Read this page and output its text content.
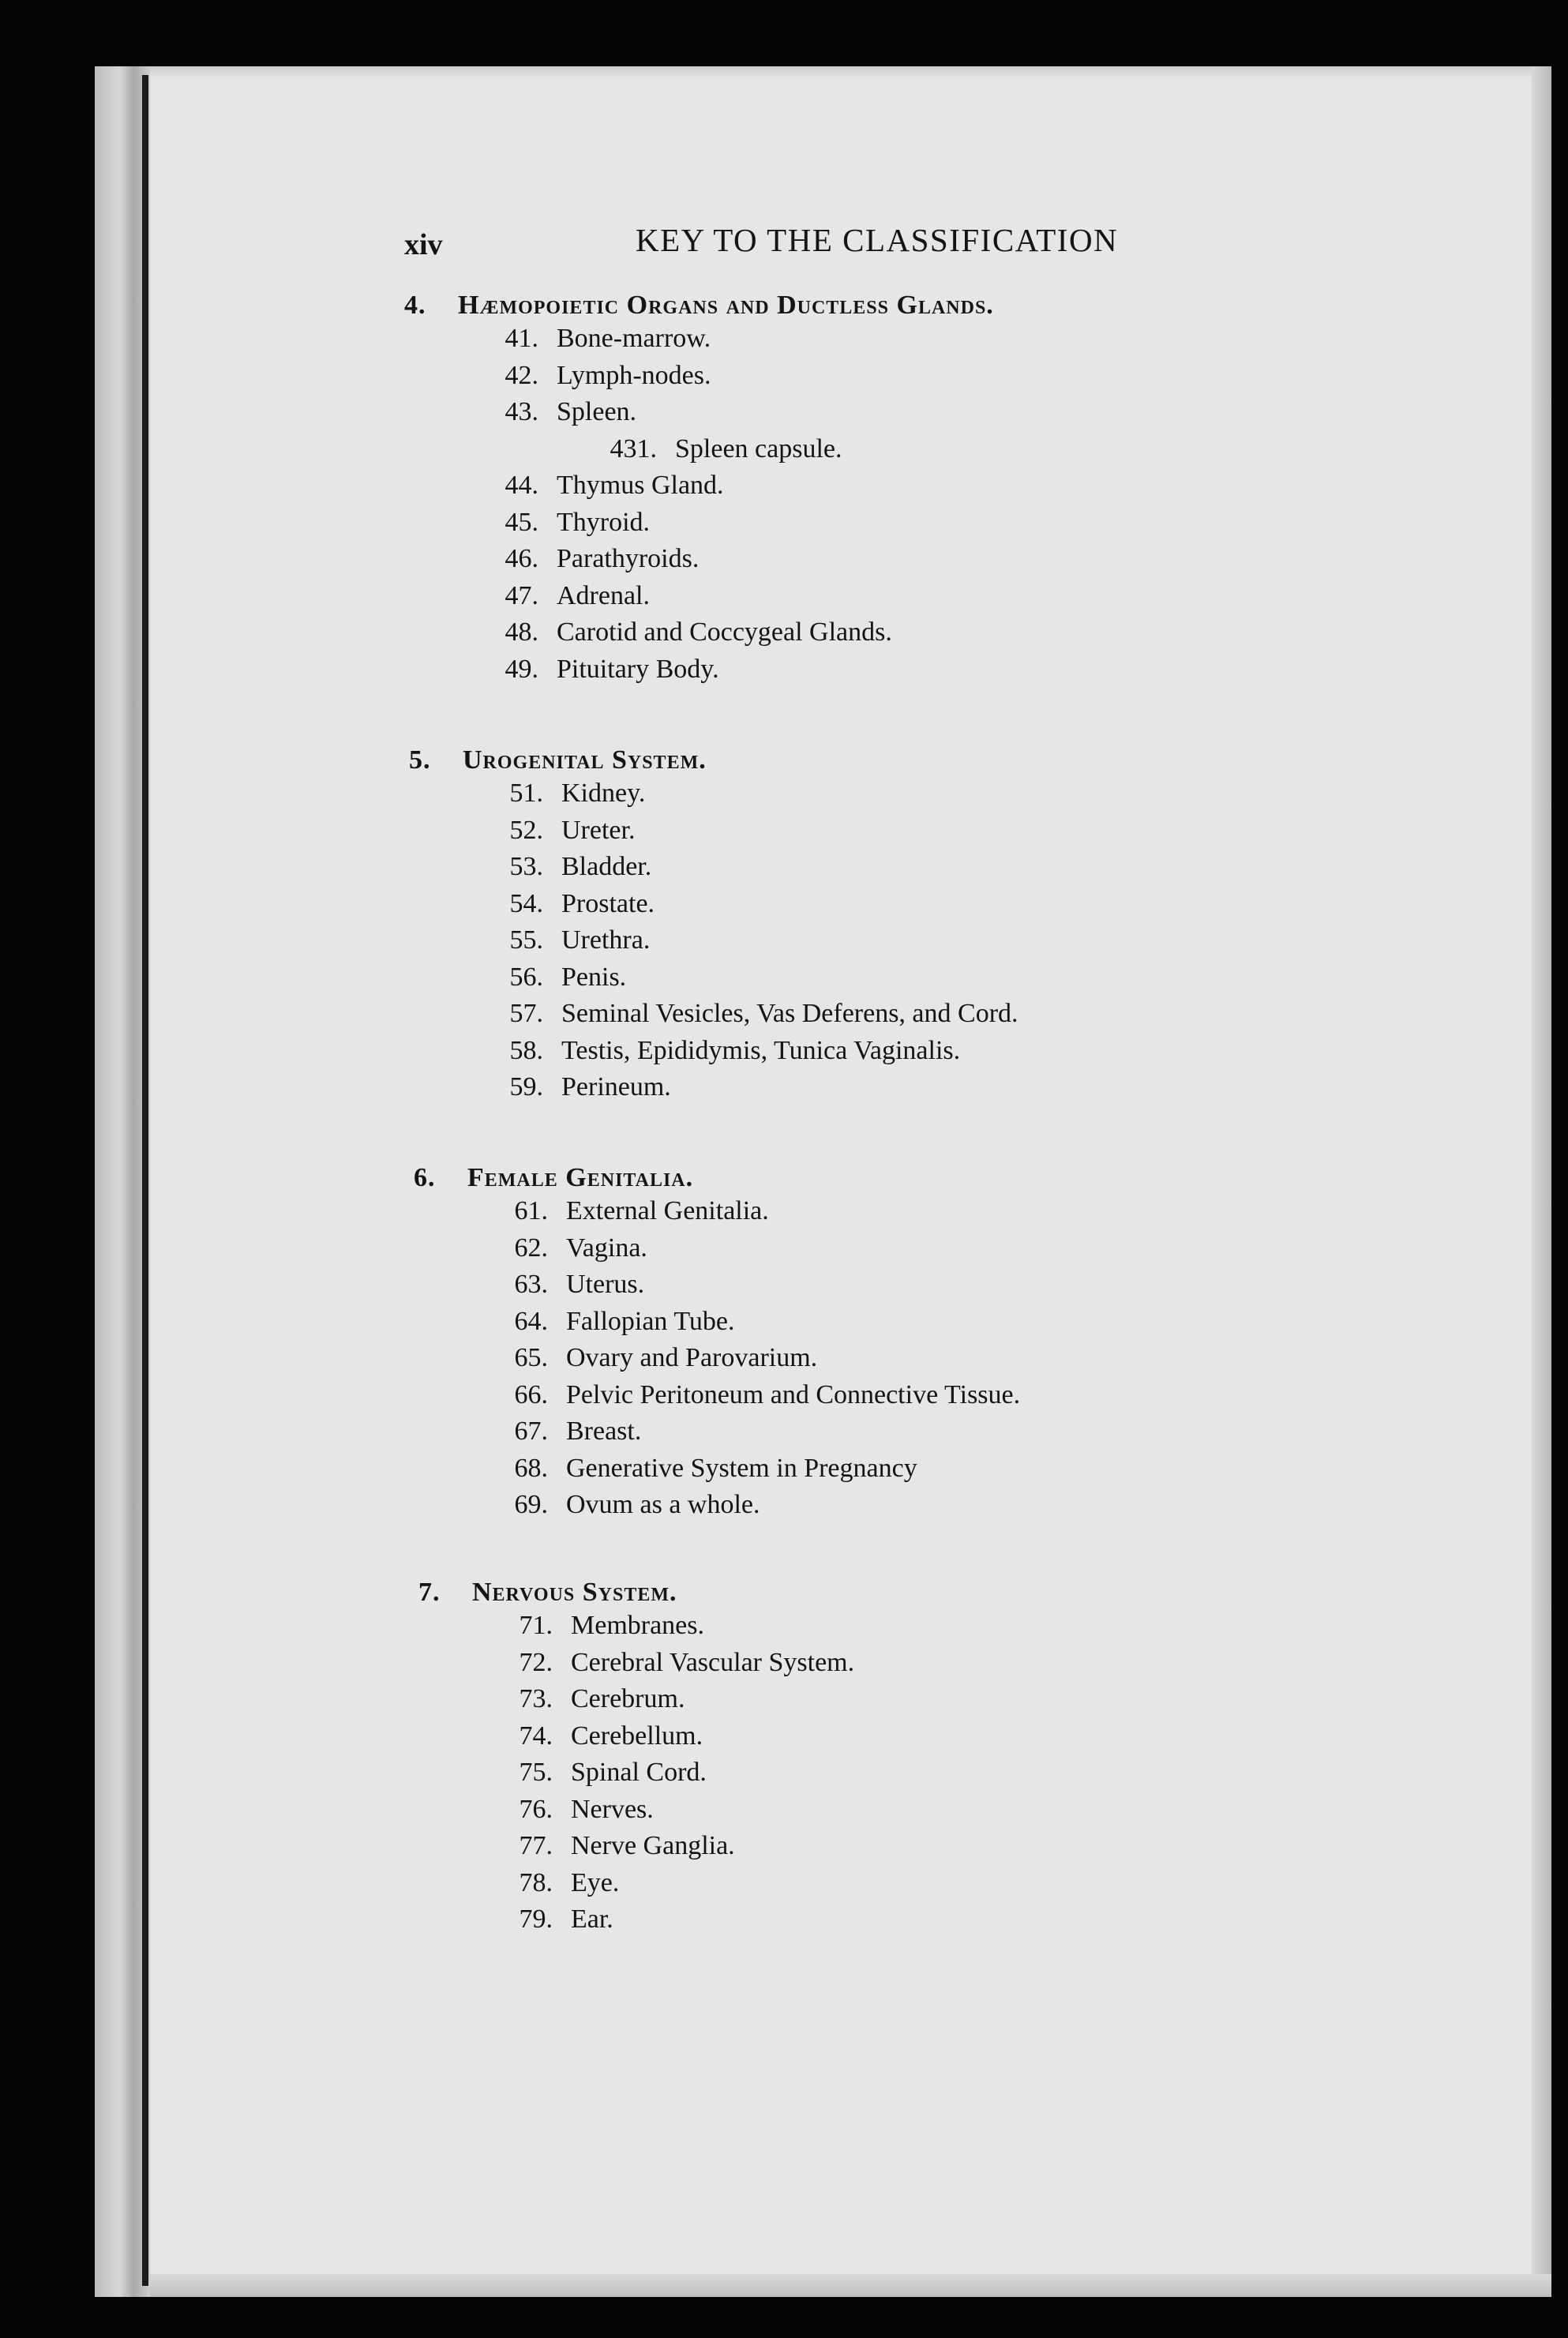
xiv	KEY TO THE CLASSIFICATION
4. Hæmopoietic Organs and Ductless Glands.
41. Bone-marrow.
42. Lymph-nodes.
43. Spleen.
431. Spleen capsule.
44. Thymus Gland.
45. Thyroid.
46. Parathyroids.
47. Adrenal.
48. Carotid and Coccygeal Glands.
49. Pituitary Body.
5. Urogenital System.
51. Kidney.
52. Ureter.
53. Bladder.
54. Prostate.
55. Urethra.
56. Penis.
57. Seminal Vesicles, Vas Deferens, and Cord.
58. Testis, Epididymis, Tunica Vaginalis.
59. Perineum.
6. Female Genitalia.
61. External Genitalia.
62. Vagina.
63. Uterus.
64. Fallopian Tube.
65. Ovary and Parovarium.
66. Pelvic Peritoneum and Connective Tissue.
67. Breast.
68. Generative System in Pregnancy
69. Ovum as a whole.
7. Nervous System.
71. Membranes.
72. Cerebral Vascular System.
73. Cerebrum.
74. Cerebellum.
75. Spinal Cord.
76. Nerves.
77. Nerve Ganglia.
78. Eye.
79. Ear.
